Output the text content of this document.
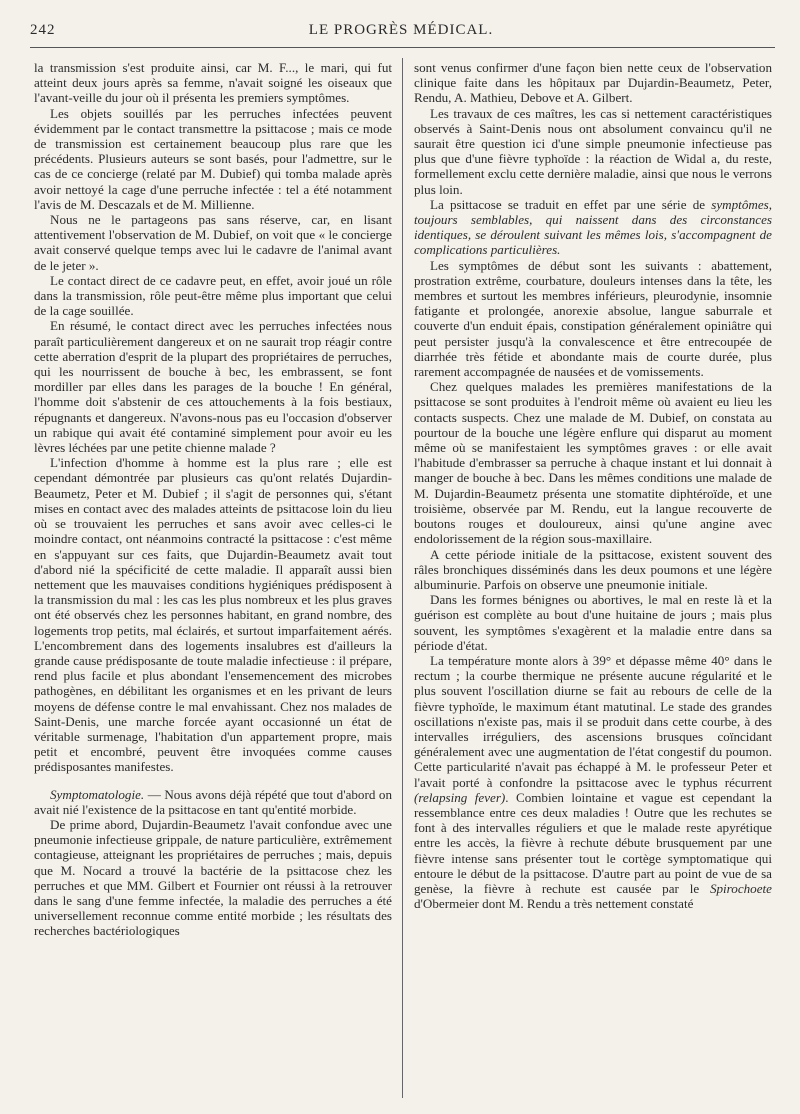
242	LE PROGRÈS MÉDICAL.

la transmission s'est produite ainsi, car M. F..., le mari, qui fut atteint deux jours après sa femme, n'avait soigné les oiseaux que l'avant-veille du jour où il présenta les premiers symptômes.

Les objets souillés par les perruches infectées peuvent évidemment par le contact transmettre la psittacose ; mais ce mode de transmission est certainement beaucoup plus rare que les précédents. Plusieurs auteurs se sont basés, pour l'admettre, sur le cas de ce concierge (relaté par M. Dubief) qui tomba malade après avoir nettoyé la cage d'une perruche infectée : tel a été notamment l'avis de M. Descazals et de M. Millienne.

Nous ne le partageons pas sans réserve, car, en lisant attentivement l'observation de M. Dubief, on voit que « le concierge avait conservé quelque temps avec lui le cadavre de l'animal avant de le jeter ».

Le contact direct de ce cadavre peut, en effet, avoir joué un rôle dans la transmission, rôle peut-être même plus important que celui de la cage souillée.

En résumé, le contact direct avec les perruches infectées nous paraît particulièrement dangereux et on ne saurait trop réagir contre cette aberration d'esprit de la plupart des propriétaires de perruches, qui les nourrissent de bouche à bec, les embrassent, se font mordiller par elles dans les parages de la bouche ! En général, l'homme doit s'abstenir de ces attouchements à la fois bestiaux, répugnants et dangereux. N'avons-nous pas eu l'occasion d'observer un rabique qui avait été contaminé simplement pour avoir eu les lèvres léchées par une petite chienne malade ?

L'infection d'homme à homme est la plus rare ; elle est cependant démontrée par plusieurs cas qu'ont relatés Dujardin-Beaumetz, Peter et M. Dubief ; il s'agit de personnes qui, s'étant mises en contact avec des malades atteints de psittacose loin du lieu où se trouvaient les perruches et sans avoir avec celles-ci le moindre contact, ont néanmoins contracté la psittacose : c'est même en s'appuyant sur ces faits, que Dujardin-Beaumetz avait tout d'abord nié la spécificité de cette maladie. Il apparaît aussi bien nettement que les mauvaises conditions hygiéniques prédisposent à la transmission du mal : les cas les plus nombreux et les plus graves ont été observés chez les personnes habitant, en grand nombre, des logements trop petits, mal éclairés, et surtout imparfaitement aérés. L'encombrement dans des logements insalubres est d'ailleurs la grande cause prédisposante de toute maladie infectieuse : il prépare, rend plus facile et plus abondant l'ensemencement des microbes pathogènes, en débilitant les organismes et en les privant de leurs moyens de défense contre le mal envahissant. Chez nos malades de Saint-Denis, une marche forcée ayant occasionné un état de véritable surmenage, l'habitation d'un appartement propre, mais petit et encombré, peuvent être invoquées comme causes prédisposantes manifestes.

Symptomatologie. — Nous avons déjà répété que tout d'abord on avait nié l'existence de la psittacose en tant qu'entité morbide.

De prime abord, Dujardin-Beaumetz l'avait confondue avec une pneumonie infectieuse grippale, de nature particulière, extrêmement contagieuse, atteignant les propriétaires de perruches ; mais, depuis que M. Nocard a trouvé la bactérie de la psittacose chez les perruches et que MM. Gilbert et Fournier ont réussi à la retrouver dans le sang d'une femme infectée, la maladie des perruches a été universellement reconnue comme entité morbide ; les résultats des recherches bactériologiques

sont venus confirmer d'une façon bien nette ceux de l'observation clinique faite dans les hôpitaux par Dujardin-Beaumetz, Peter, Rendu, A. Mathieu, Debove et A. Gilbert.

Les travaux de ces maîtres, les cas si nettement caractéristiques observés à Saint-Denis nous ont absolument convaincu qu'il ne saurait être question ici d'une simple pneumonie infectieuse pas plus que d'une fièvre typhoïde : la réaction de Widal a, du reste, formellement exclu cette dernière maladie, ainsi que nous le verrons plus loin.

La psittacose se traduit en effet par une série de symptômes, toujours semblables, qui naissent dans des circonstances identiques, se déroulent suivant les mêmes lois, s'accompagnent de complications particulières.

Les symptômes de début sont les suivants : abattement, prostration extrême, courbature, douleurs intenses dans la tête, les membres et surtout les membres inférieurs, pleurodynie, insomnie fatigante et prolongée, anorexie absolue, langue saburrale et couverte d'un enduit épais, constipation généralement opiniâtre qui peut persister jusqu'à la convalescence et être entrecoupée de diarrhée très fétide et abondante mais de courte durée, plus rarement accompagnée de nausées et de vomissements.

Chez quelques malades les premières manifestations de la psittacose se sont produites à l'endroit même où avaient eu lieu les contacts suspects. Chez une malade de M. Dubief, on constata au pourtour de la bouche une légère enflure qui disparut au moment même où se manifestaient les symptômes graves : or elle avait l'habitude d'embrasser sa perruche à chaque instant et lui donnait à manger de bouche à bec. Dans les mêmes conditions une malade de M. Dujardin-Beaumetz présenta une stomatite diphtéroïde, et une troisième, observée par M. Rendu, eut la langue recouverte de boutons rouges et douloureux, ainsi qu'une angine avec endolorissement de la région sous-maxillaire.

A cette période initiale de la psittacose, existent souvent des râles bronchiques disséminés dans les deux poumons et une légère albuminurie. Parfois on observe une pneumonie initiale.

Dans les formes bénignes ou abortives, le mal en reste là et la guérison est complète au bout d'une huitaine de jours ; mais plus souvent, les symptômes s'exagèrent et la maladie entre dans sa période d'état.

La température monte alors à 39° et dépasse même 40° dans le rectum ; la courbe thermique ne présente aucune régularité et le plus souvent l'oscillation diurne se fait au rebours de celle de la fièvre typhoïde, le maximum étant matutinal. Le stade des grandes oscillations n'existe pas, mais il se produit dans cette courbe, à des intervalles irréguliers, des ascensions brusques coïncidant généralement avec une augmentation de l'état congestif du poumon. Cette particularité n'avait pas échappé à M. le professeur Peter et l'avait porté à confondre la psittacose avec le typhus récurrent (relapsing fever). Combien lointaine et vague est cependant la ressemblance entre ces deux maladies ! Outre que les rechutes se font à des intervalles réguliers et que le malade reste apyrétique entre les accès, la fièvre à rechute débute brusquement par une fièvre intense sans présenter tout le cortège symptomatique qui entoure le début de la psittacose. D'autre part au point de vue de sa genèse, la fièvre à rechute est causée par le Spirochoete d'Obermeier dont M. Rendu a très nettement constaté
